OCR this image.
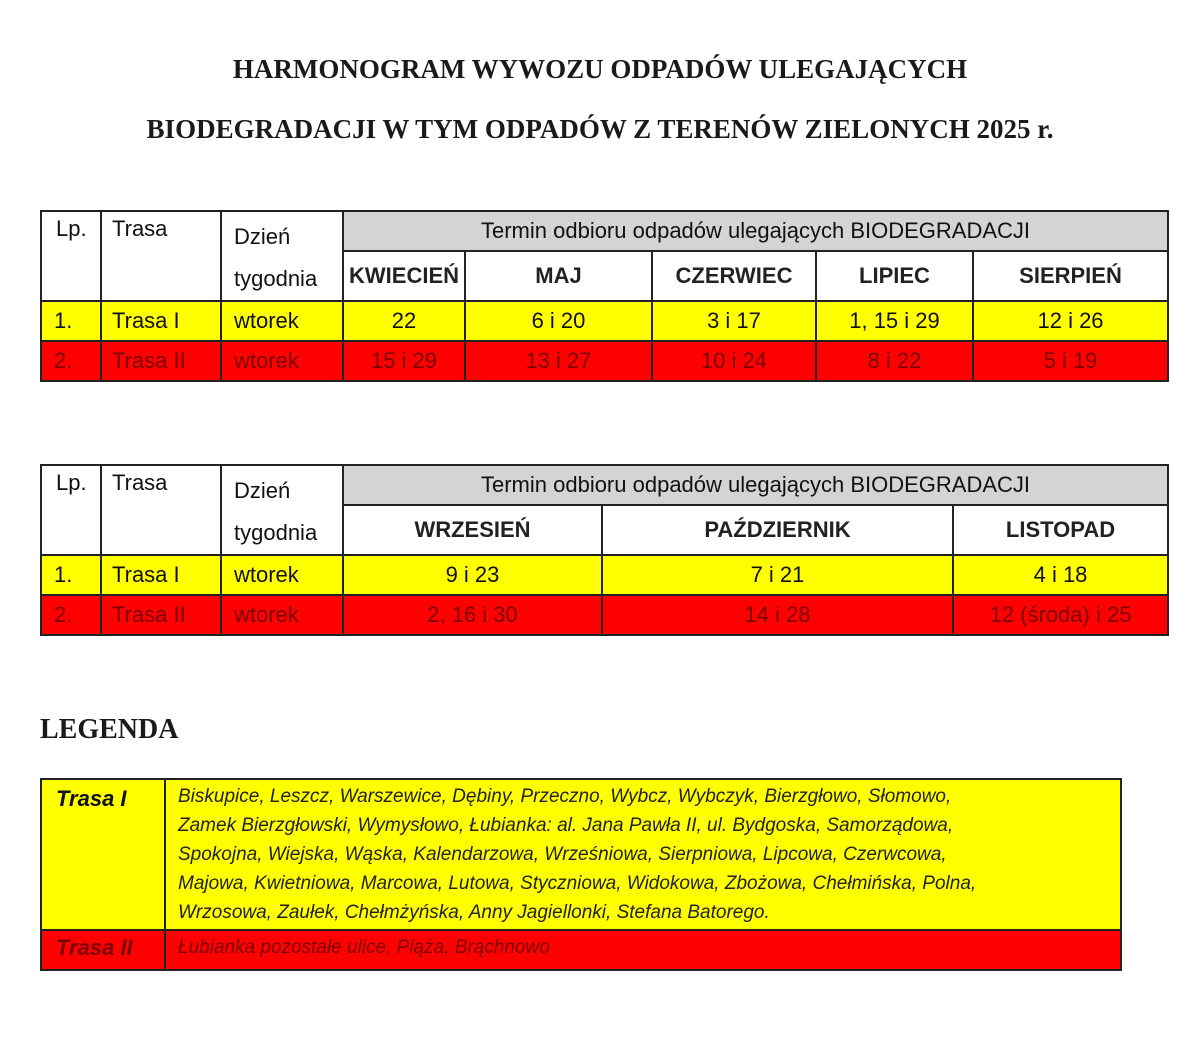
HARMONOGRAM WYWOZU ODPADÓW ULEGAJĄCYCH
BIODEGRADACJI W TYM ODPADÓW Z TERENÓW ZIELONYCH 2025 r.
Lp.	Trasa	Dzień
tygodnia	Termin odbioru odpadów ulegających BIODEGRADACJI				
			KWIECIEŃ	MAJ	CZERWIEC	LIPIEC	SIERPIEŃ
1.	Trasa I	wtorek	22	6 i 20	3 i 17	1, 15 i 29	12 i 26
2.	Trasa II	wtorek	15 i 29	13 i 27	10 i 24	8 i 22	5 i 19
Lp.	Trasa	Dzień
tygodnia	Termin odbioru odpadów ulegających BIODEGRADACJI		
			WRZESIEŃ	PAŹDZIERNIK	LISTOPAD
1.	Trasa I	wtorek	9 i 23	7 i 21	4 i 18
2.	Trasa II	wtorek	2, 16 i 30	14 i 28	12 (środa) i 25
LEGENDA
Trasa I	Biskupice, Leszcz, Warszewice, Dębiny, Przeczno, Wybcz, Wybczyk, Bierzgłowo, Słomowo,
Zamek Bierzgłowski, Wymysłowo, Łubianka: al. Jana Pawła II, ul. Bydgoska, Samorządowa,
Spokojna, Wiejska, Wąska, Kalendarzowa, Wrześniowa, Sierpniowa, Lipcowa, Czerwcowa,
Majowa, Kwietniowa, Marcowa, Lutowa, Styczniowa, Widokowa, Zbożowa, Chełmińska, Polna,
Wrzosowa, Zaułek, Chełmżyńska, Anny Jagiellonki, Stefana Batorego.
Trasa II	Łubianka pozostałe ulice, Piąża, Brąchnowo
